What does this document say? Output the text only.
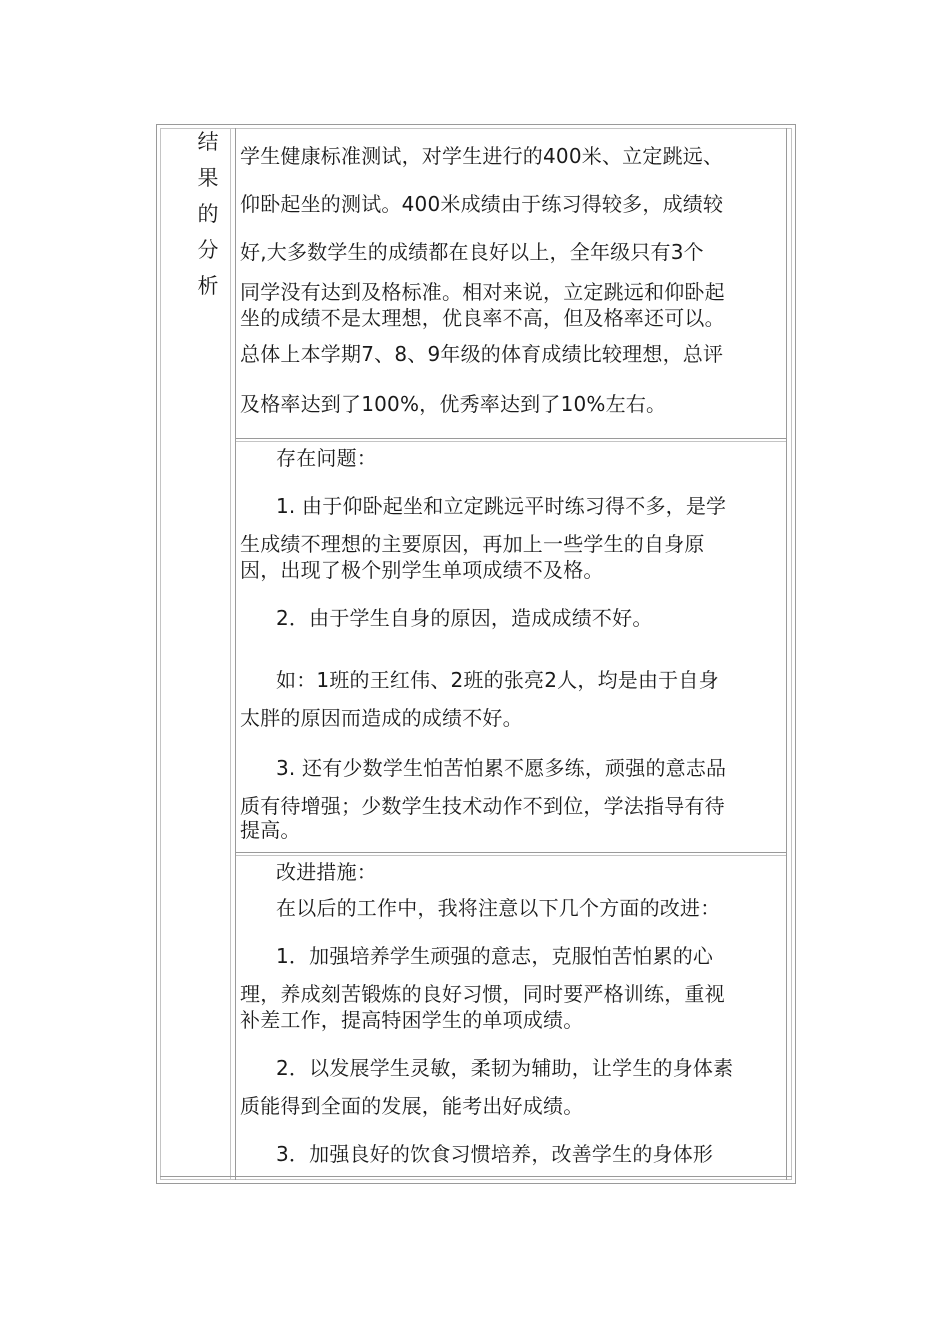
结
果
的
分
析
学生健康标准测试，对学生进行的400米、立定跳远、
仰卧起坐的测试。400米成绩由于练习得较多，成绩较
好,大多数学生的成绩都在良好以上，全年级只有3个
同学没有达到及格标准。相对来说，立定跳远和仰卧起
坐的成绩不是太理想，优良率不高，但及格率还可以。
总体上本学期7、8、9年级的体育成绩比较理想，总评
及格率达到了100%，优秀率达到了10%左右。
存在问题：
1. 由于仰卧起坐和立定跳远平时练习得不多，是学
生成绩不理想的主要原因，再加上一些学生的自身原
因，出现了极个别学生单项成绩不及格。
2．由于学生自身的原因，造成成绩不好。
如：1班的王红伟、2班的张亮2人，均是由于自身
太胖的原因而造成的成绩不好。
3. 还有少数学生怕苦怕累不愿多练，顽强的意志品
质有待增强；少数学生技术动作不到位，学法指导有待
提高。
改进措施：
在以后的工作中，我将注意以下几个方面的改进：
1．加强培养学生顽强的意志，克服怕苦怕累的心
理，养成刻苦锻炼的良好习惯，同时要严格训练，重视
补差工作，提高特困学生的单项成绩。
2．以发展学生灵敏，柔韧为辅助，让学生的身体素
质能得到全面的发展，能考出好成绩。
3．加强良好的饮食习惯培养，改善学生的身体形
